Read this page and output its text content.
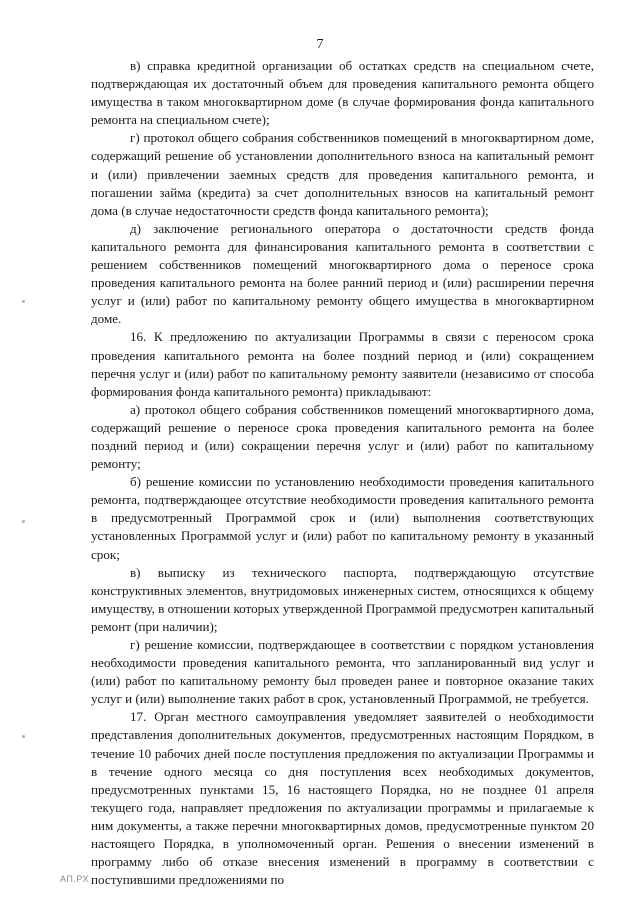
7

в) справка кредитной организации об остатках средств на специальном счете, подтверждающая их достаточный объем для проведения капитального ремонта общего имущества в таком многоквартирном доме (в случае формирования фонда капитального ремонта на специальном счете);

г) протокол общего собрания собственников помещений в многоквартирном доме, содержащий решение об установлении дополнительного взноса на капитальный ремонт и (или) привлечении заемных средств для проведения капитального ремонта, и погашении займа (кредита) за счет дополнительных взносов на капитальный ремонт дома (в случае недостаточности средств фонда капитального ремонта);

д) заключение регионального оператора о достаточности средств фонда капитального ремонта для финансирования капитального ремонта в соответствии с решением собственников помещений многоквартирного дома о переносе срока проведения капитального ремонта на более ранний период и (или) расширении перечня услуг и (или) работ по капитальному ремонту общего имущества в многоквартирном доме.

16. К предложению по актуализации Программы в связи с переносом срока проведения капитального ремонта на более поздний период и (или) сокращением перечня услуг и (или) работ по капитальному ремонту заявители (независимо от способа формирования фонда капитального ремонта) прикладывают:

а) протокол общего собрания собственников помещений многоквартирного дома, содержащий решение о переносе срока проведения капитального ремонта на более поздний период и (или) сокращении перечня услуг и (или) работ по капитальному ремонту;

б) решение комиссии по установлению необходимости проведения капитального ремонта, подтверждающее отсутствие необходимости проведения капитального ремонта в предусмотренный Программой срок и (или) выполнения соответствующих установленных Программой услуг и (или) работ по капитальному ремонту в указанный срок;

в) выписку из технического паспорта, подтверждающую отсутствие конструктивных элементов, внутридомовых инженерных систем, относящихся к общему имуществу, в отношении которых утвержденной Программой предусмотрен капитальный ремонт (при наличии);

г) решение комиссии, подтверждающее в соответствии с порядком установления необходимости проведения капитального ремонта, что запланированный вид услуг и (или) работ по капитальному ремонту был проведен ранее и повторное оказание таких услуг и (или) выполнение таких работ в срок, установленный Программой, не требуется.

17. Орган местного самоуправления уведомляет заявителей о необходимости представления дополнительных документов, предусмотренных настоящим Порядком, в течение 10 рабочих дней после поступления предложения по актуализации Программы и в течение одного месяца со дня поступления всех необходимых документов, предусмотренных пунктами 15, 16 настоящего Порядка, но не позднее 01 апреля текущего года, направляет предложения по актуализации программы и прилагаемые к ним документы, а также перечни многоквартирных домов, предусмотренные пунктом 20 настоящего Порядка, в уполномоченный орган. Решения о внесении изменений в программу либо об отказе внесения изменений в программу в соответствии с поступившими предложениями по

АП.РХ
